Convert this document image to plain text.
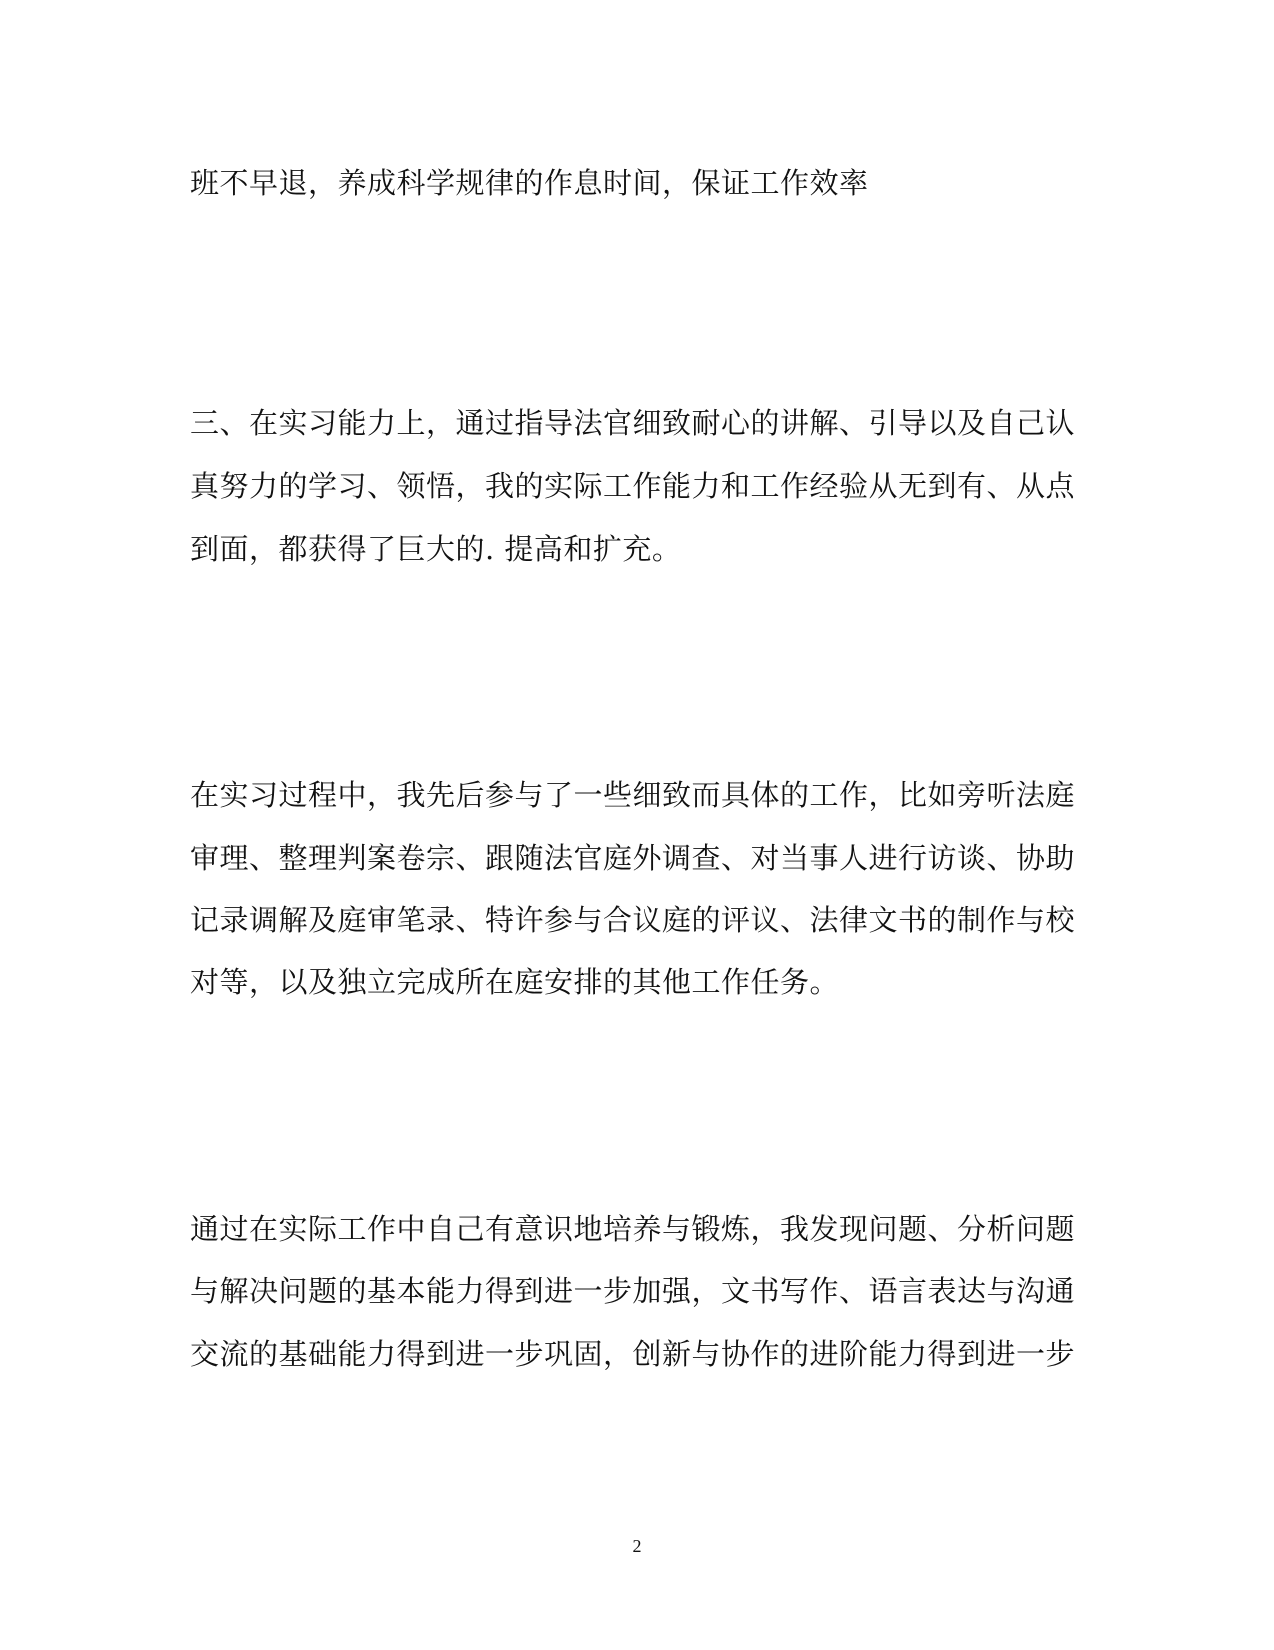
班不早退，养成科学规律的作息时间，保证工作效率
三、在实习能力上，通过指导法官细致耐心的讲解、引导以及自己认
真努力的学习、领悟，我的实际工作能力和工作经验从无到有、从点
到面，都获得了巨大的. 提高和扩充。
在实习过程中，我先后参与了一些细致而具体的工作，比如旁听法庭
审理、整理判案卷宗、跟随法官庭外调查、对当事人进行访谈、协助
记录调解及庭审笔录、特许参与合议庭的评议、法律文书的制作与校
对等，以及独立完成所在庭安排的其他工作任务。
通过在实际工作中自己有意识地培养与锻炼，我发现问题、分析问题
与解决问题的基本能力得到进一步加强，文书写作、语言表达与沟通
交流的基础能力得到进一步巩固，创新与协作的进阶能力得到进一步
2
